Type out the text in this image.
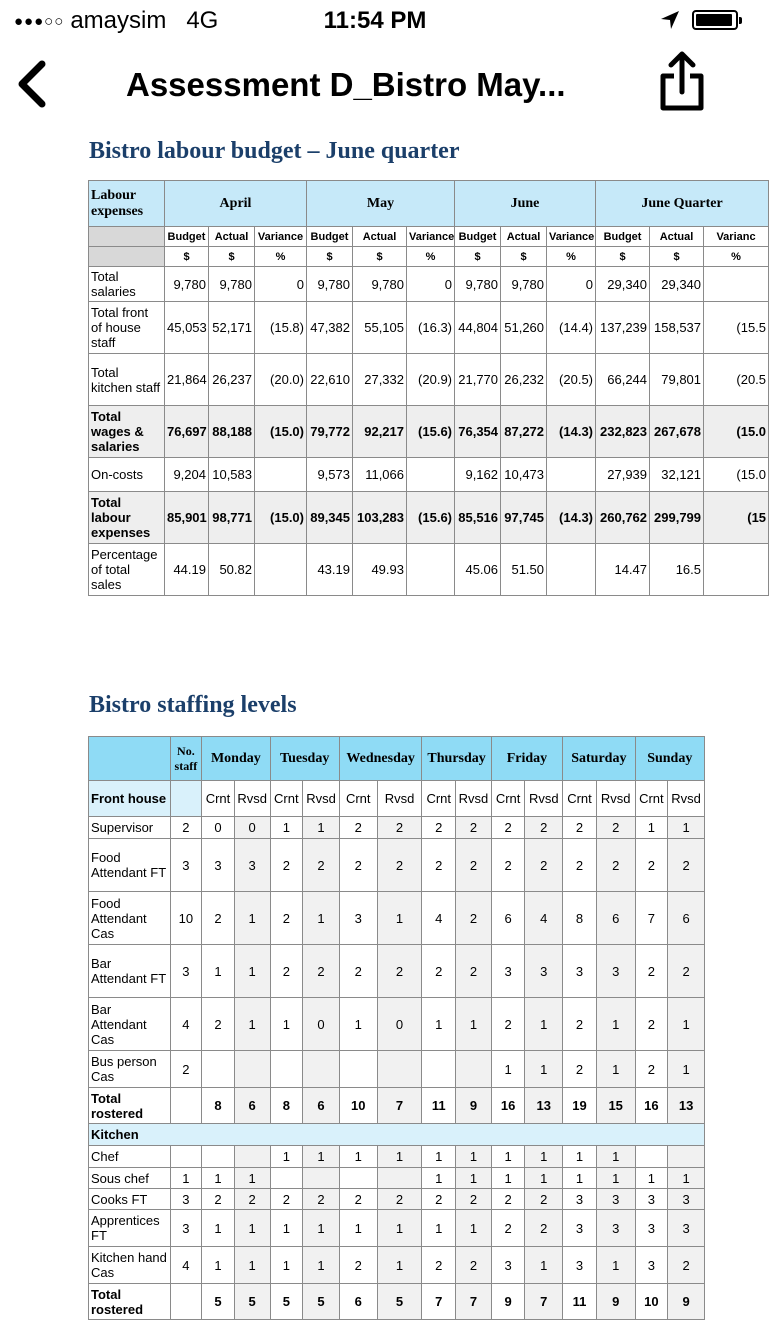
●●●○○ amaysim 4G	11:54 PM
Assessment D_Bistro May...
Bistro labour budget – June quarter
Labour expenses	April			May			June			June Quarter		
	Budget	Actual	Variance	Budget	Actual	Variance	Budget	Actual	Variance	Budget	Actual	Varianc
	$	$	%	$	$	%	$	$	%	$	$	%
Total salaries	9,780	9,780	0	9,780	9,780	0	9,780	9,780	0	29,340	29,340	
Total front of house staff	45,053	52,171	(15.8)	47,382	55,105	(16.3)	44,804	51,260	(14.4)	137,239	158,537	(15.5
Total kitchen staff	21,864	26,237	(20.0)	22,610	27,332	(20.9)	21,770	26,232	(20.5)	66,244	79,801	(20.5
Total wages & salaries	76,697	88,188	(15.0)	79,772	92,217	(15.6)	76,354	87,272	(14.3)	232,823	267,678	(15.0
On-costs	9,204	10,583		9,573	11,066		9,162	10,473		27,939	32,121	(15.0
Total labour expenses	85,901	98,771	(15.0)	89,345	103,283	(15.6)	85,516	97,745	(14.3)	260,762	299,799	(15
Percentage of total sales	44.19	50.82		43.19	49.93		45.06	51.50		14.47	16.5	
Bistro staffing levels
	No. staff	Monday		Tuesday		Wednesday		Thursday		Friday		Saturday		Sunday	
Front house		Crnt	Rvsd	Crnt	Rvsd	Crnt	Rvsd	Crnt	Rvsd	Crnt	Rvsd	Crnt	Rvsd	Crnt	Rvsd
Supervisor	2	0	0	1	1	2	2	2	2	2	2	2	2	1	1
Food Attendant FT	3	3	3	2	2	2	2	2	2	2	2	2	2	2	2
Food Attendant Cas	10	2	1	2	1	3	1	4	2	6	4	8	6	7	6
Bar Attendant FT	3	1	1	2	2	2	2	2	2	3	3	3	3	2	2
Bar Attendant Cas	4	2	1	1	0	1	0	1	1	2	1	2	1	2	1
Bus person Cas	2									1	1	2	1	2	1
Total rostered		8	6	8	6	10	7	11	9	16	13	19	15	16	13
Kitchen															
Chef				1	1	1	1	1	1	1	1	1	1		
Sous chef	1	1	1					1	1	1	1	1	1	1	1
Cooks FT	3	2	2	2	2	2	2	2	2	2	2	3	3	3	3
Apprentices FT	3	1	1	1	1	1	1	1	1	2	2	3	3	3	3
Kitchen hand Cas	4	1	1	1	1	2	1	2	2	3	1	3	1	3	2
Total rostered		5	5	5	5	6	5	7	7	9	7	11	9	10	9
